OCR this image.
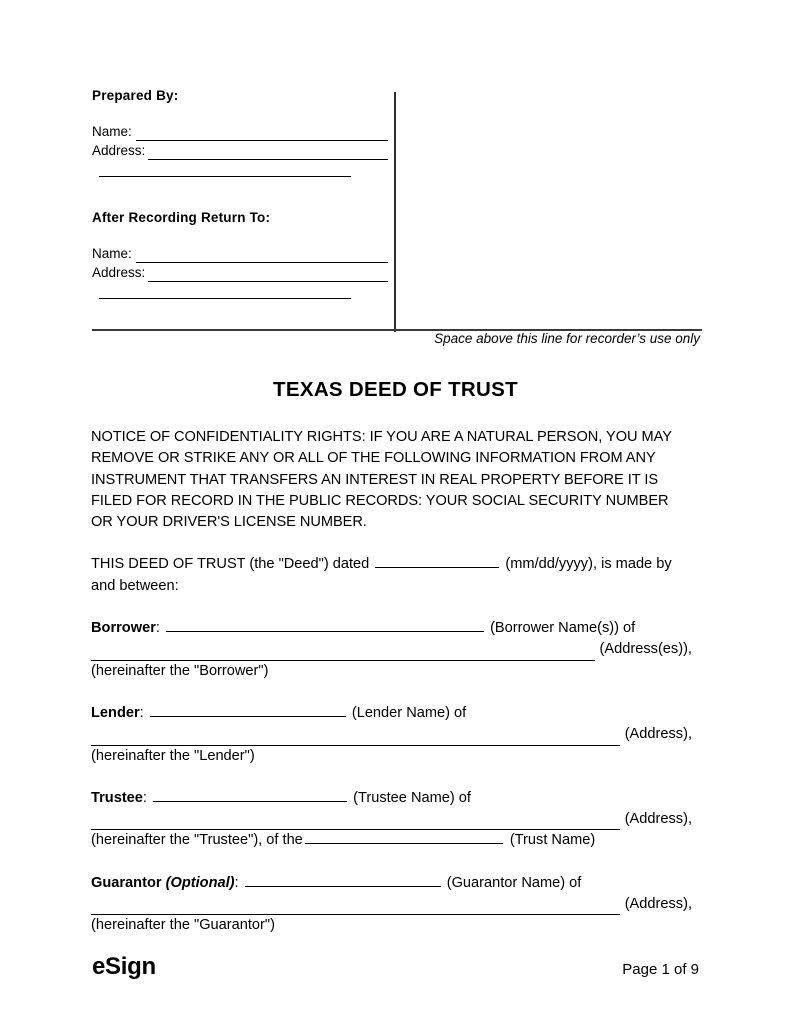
Prepared By:

Name:
Address:

After Recording Return To:

Name:
Address:
Space above this line for recorder’s use only
TEXAS DEED OF TRUST

NOTICE OF CONFIDENTIALITY RIGHTS: IF YOU ARE A NATURAL PERSON, YOU MAY REMOVE OR STRIKE ANY OR ALL OF THE FOLLOWING INFORMATION FROM ANY INSTRUMENT THAT TRANSFERS AN INTEREST IN REAL PROPERTY BEFORE IT IS FILED FOR RECORD IN THE PUBLIC RECORDS: YOUR SOCIAL SECURITY NUMBER OR YOUR DRIVER'S LICENSE NUMBER.

THIS DEED OF TRUST (the "Deed") dated	(mm/dd/yyyy), is made by and between:

Borrower:	(Borrower Name(s)) of
(Address(es)),
(hereinafter the "Borrower")

Lender:	(Lender Name) of
(Address),
(hereinafter the "Lender")

Trustee:	(Trustee Name) of
(Address),
(hereinafter the "Trustee"), of the	(Trust Name)

Guarantor (Optional):	(Guarantor Name) of
(Address),
(hereinafter the "Guarantor")

eSign	Page 1 of 9
